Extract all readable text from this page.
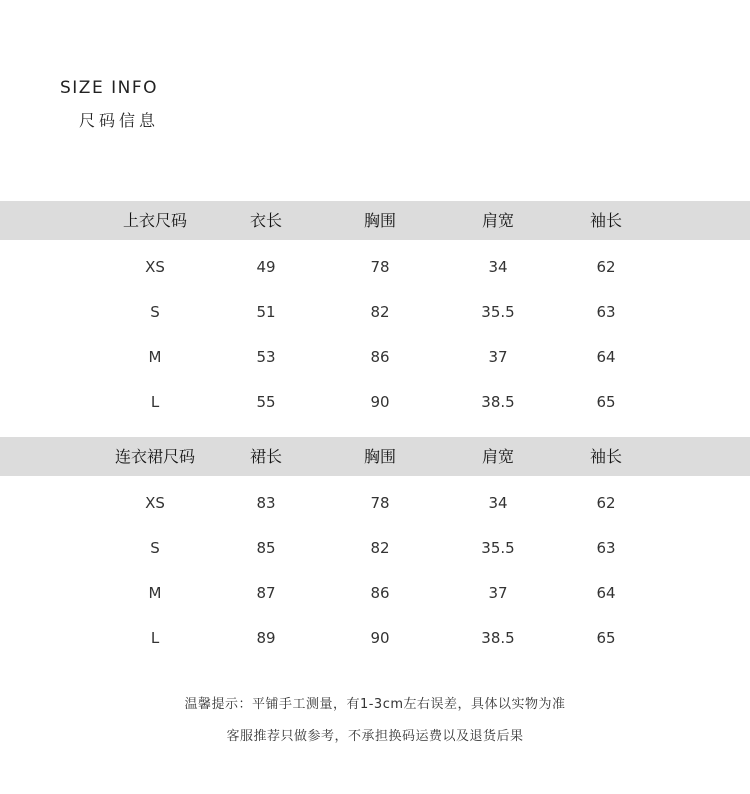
SIZE INFO
尺码信息
上衣尺码	衣长	胸围	肩宽	袖长
XS	49	78	34	62
S	51	82	35.5	63
M	53	86	37	64
L	55	90	38.5	65
连衣裙尺码	裙长	胸围	肩宽	袖长
XS	83	78	34	62
S	85	82	35.5	63
M	87	86	37	64
L	89	90	38.5	65
温馨提示：平铺手工测量，有1-3cm左右误差，具体以实物为准
客服推荐只做参考，不承担换码运费以及退货后果
